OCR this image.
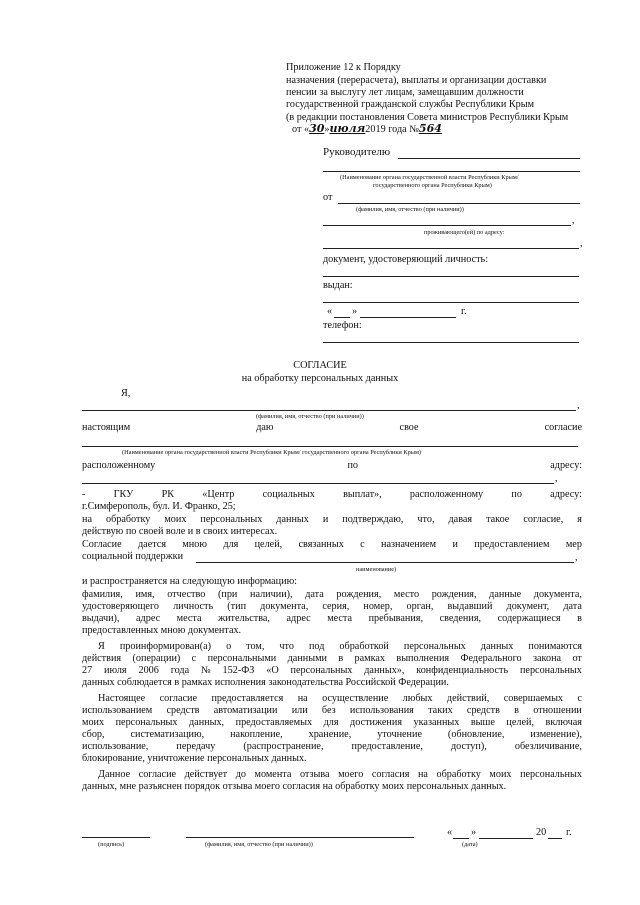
Приложение 12 к Порядку
назначения (перерасчета), выплаты и организации доставки
пенсии за выслугу лет лицам, замещавшим должности
государственной гражданской службы Республики Крым
(в редакции постановления Совета министров Республики Крым
от «30»июля2019 года №564
Руководителю
(Наименование органа государственной власти Республики Крым/
государственного органа Республики Крым)
от
(фамилия, имя, отчество (при наличии))
,
проживающего(ей) по адресу:
,
документ, удостоверяющий личность:
выдан:
« »	г.
телефон:
СОГЛАСИЕ
на обработку персональных данных
Я,
,
(фамилия, имя, отчество (при наличии))
настоящим	даю	свое	согласие
(Наименование органа государственной власти Республики Крым/ государственного органа Республики Крым)
расположенному	по	адресу:
,
-	ГКУ	РК	«Центр	социальных	выплат»,	расположенному	по	адресу:
г.Симферополь, бул. И. Франко, 25;
на обработку моих персональных данных и подтверждаю, что, давая такое согласие, я
действую по своей воле и в своих интересах.
Согласие дается мною для целей, связанных с назначением и предоставлением мер
социальной поддержки	,
наименование)
и распространяется на следующую информацию:
фамилия, имя, отчество (при наличии), дата рождения, место рождения, данные документа,
удостоверяющего личность (тип документа, серия, номер, орган, выдавший документ, дата
выдачи), адрес места жительства, адрес места пребывания, сведения, содержащиеся в
предоставленных мною документах.
Я проинформирован(а) о том, что под обработкой персональных данных понимаются
действия (операции) с персональными данными в рамках выполнения Федерального закона от
27 июля 2006 года № 152-ФЗ «О персональных данных», конфиденциальность персональных
данных соблюдается в рамках исполнения законодательства Российской Федерации.
Настоящее согласие предоставляется на осуществление любых действий, совершаемых с
использованием средств автоматизации или без использования таких средств в отношении
моих персональных данных, предоставляемых для достижения указанных выше целей, включая
сбор,	систематизацию,	накопление,	хранение,	уточнение	(обновление,	изменение),
использование,	передачу	(распространение,	предоставление,	доступ),	обезличивание,
блокирование, уничтожение персональных данных.
Данное согласие действует до момента отзыва моего согласия на обработку моих персональных
данных, мне разъяснен порядок отзыва моего согласия на обработку моих персональных данных.
(подпись)	(фамилия, имя, отчество (при наличии))
« »	20 г.
(дата)
